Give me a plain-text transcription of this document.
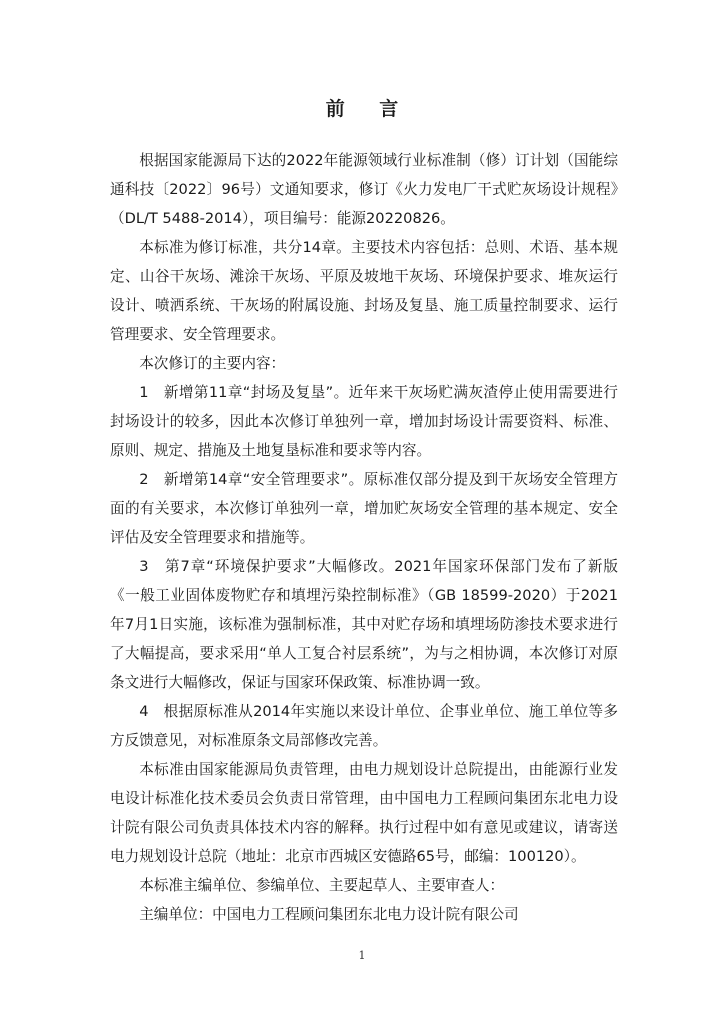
前 言

根据国家能源局下达的2022年能源领域行业标准制（修）订计划（国能综通科技〔2022〕96号）文通知要求，修订《火力发电厂干式贮灰场设计规程》（DL/T 5488-2014），项目编号：能源20220826。

本标准为修订标准，共分14章。主要技术内容包括：总则、术语、基本规定、山谷干灰场、滩涂干灰场、平原及坡地干灰场、环境保护要求、堆灰运行设计、喷洒系统、干灰场的附属设施、封场及复垦、施工质量控制要求、运行管理要求、安全管理要求。

本次修订的主要内容：

1　新增第11章“封场及复垦”。近年来干灰场贮满灰渣停止使用需要进行封场设计的较多，因此本次修订单独列一章，增加封场设计需要资料、标准、原则、规定、措施及土地复垦标准和要求等内容。

2　新增第14章“安全管理要求”。原标准仅部分提及到干灰场安全管理方面的有关要求，本次修订单独列一章，增加贮灰场安全管理的基本规定、安全评估及安全管理要求和措施等。

3　第7章“环境保护要求”大幅修改。2021年国家环保部门发布了新版《一般工业固体废物贮存和填埋污染控制标准》（GB 18599-2020）于2021年7月1日实施，该标准为强制标准，其中对贮存场和填埋场防渗技术要求进行了大幅提高，要求采用“单人工复合衬层系统”，为与之相协调，本次修订对原条文进行大幅修改，保证与国家环保政策、标准协调一致。

4　根据原标准从2014年实施以来设计单位、企事业单位、施工单位等多方反馈意见，对标准原条文局部修改完善。

本标准由国家能源局负责管理，由电力规划设计总院提出，由能源行业发电设计标准化技术委员会负责日常管理，由中国电力工程顾问集团东北电力设计院有限公司负责具体技术内容的解释。执行过程中如有意见或建议，请寄送电力规划设计总院（地址：北京市西城区安德路65号，邮编：100120）。

本标准主编单位、参编单位、主要起草人、主要审查人：

主编单位：中国电力工程顾问集团东北电力设计院有限公司

1
